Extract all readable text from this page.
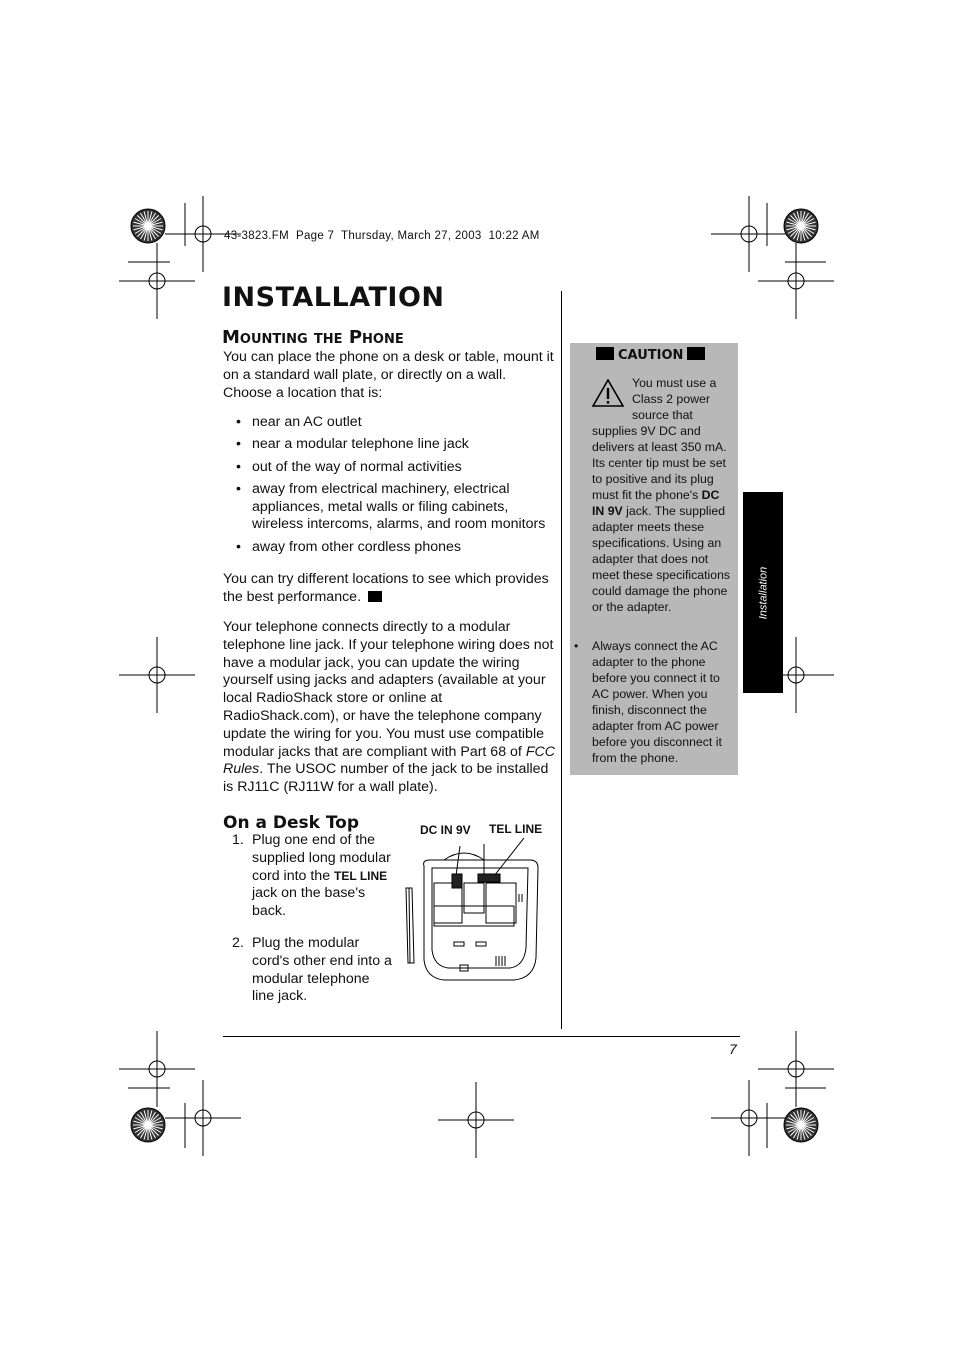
43-3823.FM  Page 7  Thursday, March 27, 2003  10:22 AM
INSTALLATION
Mounting the Phone
You can place the phone on a desk or table, mount it on a standard wall plate, or directly on a wall. Choose a location that is:
• near an AC outlet
• near a modular telephone line jack
• out of the way of normal activities
• away from electrical machinery, electrical appliances, metal walls or filing cabinets, wireless intercoms, alarms, and room monitors
• away from other cordless phones
You can try different locations to see which provides the best performance.
Your telephone connects directly to a modular telephone line jack. If your telephone wiring does not have a modular jack, you can update the wiring yourself using jacks and adapters (available at your local RadioShack store or online at RadioShack.com), or have the telephone company update the wiring for you. You must use compatible modular jacks that are compliant with Part 68 of FCC Rules. The USOC number of the jack to be installed is RJ11C (RJ11W for a wall plate).
On a Desk Top
1. Plug one end of the supplied long modular cord into the TEL LINE jack on the base's back.
2. Plug the modular cord's other end into a modular telephone line jack.
DC IN 9V TEL LINE
CAUTION
You must use a Class 2 power source that supplies 9V DC and delivers at least 350 mA. Its center tip must be set to positive and its plug must fit the phone's DC IN 9V jack. The supplied adapter meets these specifications. Using an adapter that does not meet these specifications could damage the phone or the adapter.
•	Always connect the AC adapter to the phone before you connect it to AC power. When you finish, disconnect the adapter from AC power before you disconnect it from the phone.
Installation
7
